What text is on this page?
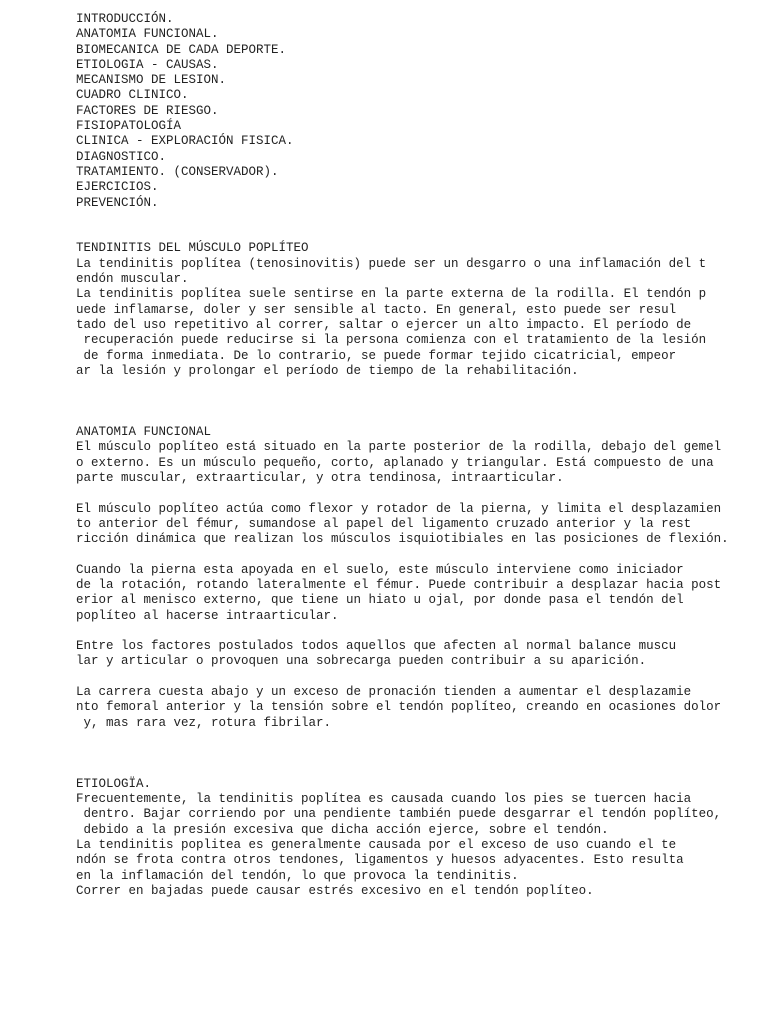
INTRODUCCIÓN.
ANATOMIA FUNCIONAL.
BIOMECANICA DE CADA DEPORTE.
ETIOLOGIA - CAUSAS.
MECANISMO DE LESION.
CUADRO CLINICO.
FACTORES DE RIESGO.
FISIOPATOLOGÍA
CLINICA - EXPLORACIÓN FISICA.
DIAGNOSTICO.
TRATAMIENTO. (CONSERVADOR).
EJERCICIOS.
PREVENCIÓN.
TENDINITIS DEL MÚSCULO POPLÍTEO
La tendinitis poplítea (tenosinovitis) puede ser un desgarro o una inflamación del t
endón muscular.
La tendinitis poplítea suele sentirse en la parte externa de la rodilla. El tendón p
uede inflamarse, doler y ser sensible al tacto. En general, esto puede ser resul
tado del uso repetitivo al correr, saltar o ejercer un alto impacto. El período de
recuperación puede reducirse si la persona comienza con el tratamiento de la lesión
de forma inmediata. De lo contrario, se puede formar tejido cicatricial, empeor
ar la lesión y prolongar el período de tiempo de la rehabilitación.
ANATOMIA FUNCIONAL
El músculo poplíteo está situado en la parte posterior de la rodilla, debajo del gemel
o externo. Es un músculo pequeño, corto, aplanado y triangular. Está compuesto de una
parte muscular, extraarticular, y otra tendinosa, intraarticular.
El músculo poplíteo actúa como flexor y rotador de la pierna, y limita el desplazamien
to anterior del fémur, sumandose al papel del ligamento cruzado anterior y la rest
ricción dinámica que realizan los músculos isquiotibiales en las posiciones de flexión.
Cuando la pierna esta apoyada en el suelo, este músculo interviene como iniciador
de la rotación, rotando lateralmente el fémur. Puede contribuir a desplazar hacia post
erior al menisco externo, que tiene un hiato u ojal, por donde pasa el tendón del
poplíteo al hacerse intraarticular.
Entre los factores postulados todos aquellos que afecten al normal balance muscu
lar y articular o provoquen una sobrecarga pueden contribuir a su aparición.
La carrera cuesta abajo y un exceso de pronación tienden a aumentar el desplazamie
nto femoral anterior y la tensión sobre el tendón poplíteo, creando en ocasiones dolor
y, mas rara vez, rotura fibrilar.
ETIOLOGÏA.
Frecuentemente, la tendinitis poplítea es causada cuando los pies se tuercen hacia
dentro. Bajar corriendo por una pendiente también puede desgarrar el tendón poplíteo,
debido a la presión excesiva que dicha acción ejerce, sobre el tendón.
La tendinitis poplitea es generalmente causada por el exceso de uso cuando el te
ndón se frota contra otros tendones, ligamentos y huesos adyacentes. Esto resulta
en la inflamación del tendón, lo que provoca la tendinitis.
Correr en bajadas puede causar estrés excesivo en el tendón poplíteo.
